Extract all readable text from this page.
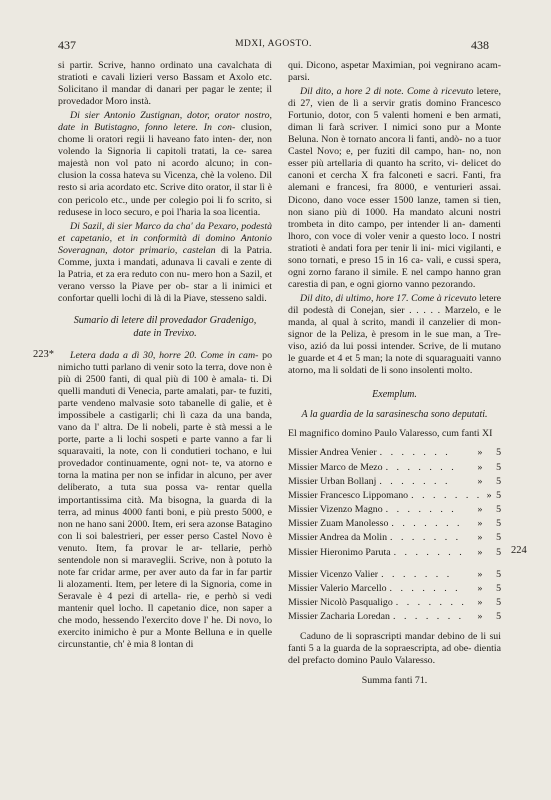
437	MDXI, AGOSTO.	438
223*
224

si partir. Scrive, hanno ordinato una cavalchata di stratioti e cavali lizieri verso Bassam et Axolo etc. Solicitano il mandar di danari per pagar le zente; il provedador Moro instà.

Di sier Antonio Zustignan, dotor, orator nostro, date in Butistagno, fonno letere. In con- clusion, chome li oratori regii li haveano fato inten- der, non volendo la Signoria li capitoli tratati, la ce- sarea majestà non vol pato ni acordo alcuno; in con- clusion la cossa hateva su Vicenza, chè la voleno. Dil resto si aria acordato etc. Scrive dito orator, il star lì è con pericolo etc., unde per colegio poi li fo scrito, si redusese in loco securo, e poi l'haria la soa licentia.

Di Sazil, di sier Marco da cha' da Pexaro, podestà et capetanio, et in conformità di domino Antonio Soveragnan, dotor primario, castelan di la Patria. Comme, juxta i mandati, adunava li cavali e zente di la Patria, et za era reduto con nu- mero hon a Sazil, et verano versso la Piave per ob- star a li inimici et confortar quelli lochi di là di la Piave, stesseno saldi.

Sumario di letere dil provedador Gradenigo,
date in Trevixo.

Letera dada a dì 30, horre 20. Come in cam- po nimicho tutti parlano di venir soto la terra, dove non è più di 2500 fanti, di qual più di 100 è amala- ti. Di quelli manduti di Venecia, parte amalati, par- te fuziti, parte vendeno malvasie soto tabanelle di galie, et è impossibele a castigarli; chi lì caza da una banda, vano da l' altra. De li nobeli, parte è stà messi a le porte, parte a li lochi sospeti e parte vanno a far li squaravaiti, la note, con li condutieri tochano, e lui provedador continuamente, ogni not- te, va atorno e torna la matina per non se infidar in alcuno, per aver deliberato, a tuta sua possa va- rentar quella importantissima cità. Ma bisogna, la guarda di la terra, ad minus 4000 fanti boni, e più presto 5000, e non ne hano sani 2000. Item, eri sera azonse Batagino con li soi balestrieri, per esser perso Castel Novo è venuto. Item, fa provar le ar- tellarie, perhò sentendole non si maraveglii. Scrive, non à potuto la note far cridar arme, per aver auto da far in far partir li alozamenti. Item, per letere di la Signoria, come in Seravale è 4 pezi di artella- rie, e perhò si vedi mantenir quel locho. Il capetanio dice, non saper a che modo, hessendo l'exercito dove l' he. Di novo, lo exercito inimicho è pur a Monte Belluna e in quelle circunstantie, ch' è mia 8 lontan di

qui. Dicono, aspetar Maximian, poi vegnirano acam- parsi.

Dil dito, a hore 2 di note. Come à ricevuto letere, di 27, vien de lì a servir gratis domino Francesco Fortunio, dotor, con 5 valenti homeni e ben armati, diman li farà scriver. I nimici sono pur a Monte Beluna. Non è tornato ancora li fanti, andò- no a tuor Castel Novo; e, per fuziti dil campo, han- no, non esser più artellaria di quanto ha scrito, vi- delicet do canoni et cercha X fra falconeti e sacri. Fanti, fra alemani e francesi, fra 8000, e venturieri assai. Dicono, dano voce esser 1500 lanze, tamen si tien, non siano più di 1000. Ha mandato alcuni nostri trombeta in dito campo, per intender li an- damenti lhoro, con voce di voler venir a questo loco. I nostri stratioti è andati fora per tenir li ini- mici vigilanti, e sono tornati, e preso 15 in 16 ca- vali, e cussi spera, ogni zorno farano il simile. E nel campo hanno gran carestia di pan, e ogni giorno vanno pezorando.

Dil dito, di ultimo, hore 17. Come à ricevuto letere dil podestà di Conejan, sier . . . . . Marzelo, e le manda, al qual à scrito, mandi il canzelier di mon- signor de la Peliza, è presom in le sue man, a Tre- viso, azió da lui possi intender. Scrive, de li mutano le guarde et 4 et 5 man; la note di squaraguaiti vanno atorno, ma li soldati de li sono insolenti molto.

Exemplum.
A la guardia de la sarasinescha sono deputati.

El magnifico domino Paulo Valaresso, cum fanti XI

Missier Andrea Venier . . . . . . .	»	5
Missier Marco de Mezo . . . . . . .	»	5
Missier Urban Bollanj . . . . . . .	»	5
Missier Francesco Lippomano . . . . . . . » 5
Missier Vizenzo Magno . . . . . . .	»	5
Missier Zuam Manolesso . . . . . . .	»	5
Missier Andrea da Molin . . . . . . .	»	5
Missier Hieronimo Paruta . . . . . . .	»	5
Missier Vicenzo Valier . . . . . . .	»	5
Missier Valerio Marcello . . . . . . .	»	5
Missier Nicolò Pasqualigo . . . . . . .	»	5
Missier Zacharia Loredan . . . . . . .	»	5

Caduno de li soprascripti mandar debino de li sui fanti 5 a la guarda de la sopraescripta, ad obe- dientia del prefacto domino Paulo Valaresso.

Summa fanti 71.
